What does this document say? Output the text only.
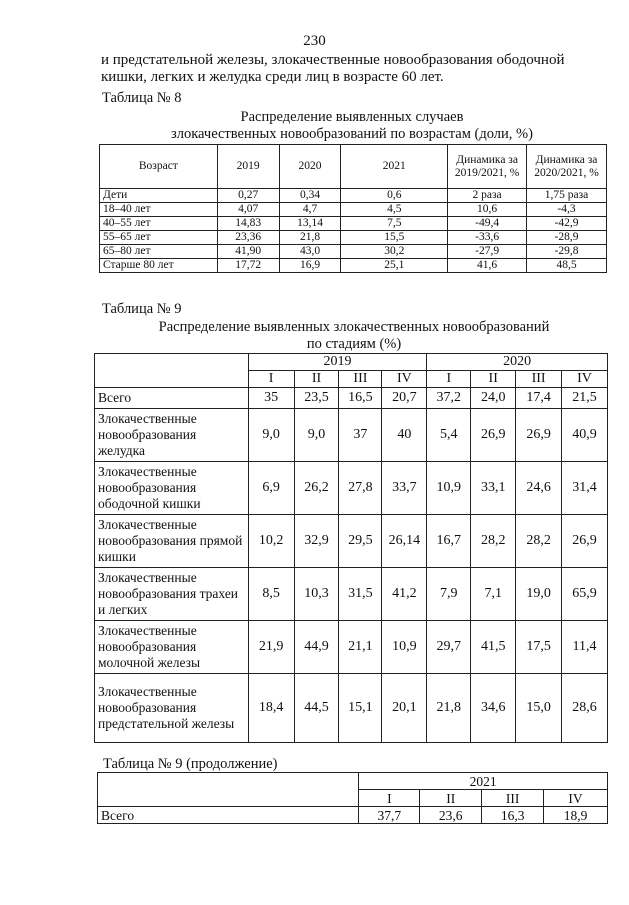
230

и предстательной железы, злокачественные новообразования ободочной

кишки, легких и желудка среди лиц в возрасте 60 лет.

Таблица № 8
Распределение выявленных случаев
злокачественных новообразований по возрастам (доли, %)
Возраст	2019	2020	2021	Динамика за 2019/2021, %	Динамика за 2020/2021, %
Дети	0,27	0,34	0,6	2 раза	1,75 раза
18–40 лет	4,07	4,7	4,5	10,6	-4,3
40–55 лет	14,83	13,14	7,5	-49,4	-42,9
55–65 лет	23,36	21,8	15,5	-33,6	-28,9
65–80 лет	41,90	43,0	30,2	-27,9	-29,8
Старше 80 лет	17,72	16,9	25,1	41,6	48,5
Таблица № 9
Распределение выявленных злокачественных новообразований
по стадиям (%)
	2019				2020			
	I	II	III	IV	I	II	III	IV
Всего	35	23,5	16,5	20,7	37,2	24,0	17,4	21,5
Злокачественные новообразования желудка	9,0	9,0	37	40	5,4	26,9	26,9	40,9
Злокачественные новообразования ободочной кишки	6,9	26,2	27,8	33,7	10,9	33,1	24,6	31,4
Злокачественные новообразования прямой кишки	10,2	32,9	29,5	26,14	16,7	28,2	28,2	26,9
Злокачественные новообразования трахеи и легких	8,5	10,3	31,5	41,2	7,9	7,1	19,0	65,9
Злокачественные новообразования молочной железы	21,9	44,9	21,1	10,9	29,7	41,5	17,5	11,4
Злокачественные новообразования предстательной железы	18,4	44,5	15,1	20,1	21,8	34,6	15,0	28,6
Таблица № 9 (продолжение)
	2021			
	I	II	III	IV
Всего	37,7	23,6	16,3	18,9
